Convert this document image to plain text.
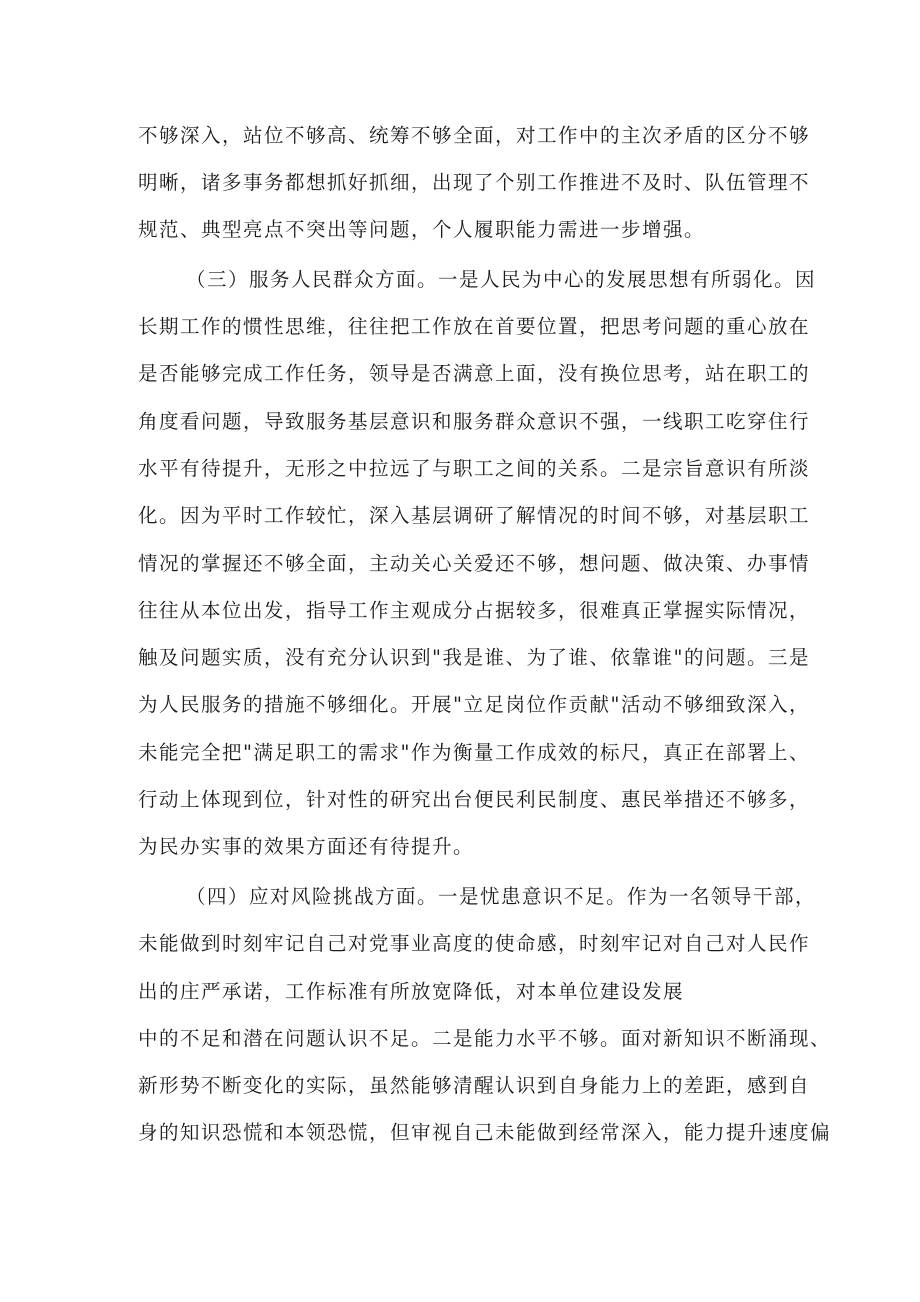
不够深入，站位不够高、统筹不够全面，对工作中的主次矛盾的区分不够

明晰，诸多事务都想抓好抓细，出现了个别工作推进不及时、队伍管理不

规范、典型亮点不突出等问题，个人履职能力需进一步增强。

（三）服务人民群众方面。一是人民为中心的发展思想有所弱化。因

长期工作的惯性思维，往往把工作放在首要位置，把思考问题的重心放在

是否能够完成工作任务，领导是否满意上面，没有换位思考，站在职工的

角度看问题，导致服务基层意识和服务群众意识不强，一线职工吃穿住行

水平有待提升，无形之中拉远了与职工之间的关系。二是宗旨意识有所淡

化。因为平时工作较忙，深入基层调研了解情况的时间不够，对基层职工

情况的掌握还不够全面，主动关心关爱还不够，想问题、做决策、办事情

往往从本位出发，指导工作主观成分占据较多，很难真正掌握实际情况，

触及问题实质，没有充分认识到"我是谁、为了谁、依靠谁"的问题。三是

为人民服务的措施不够细化。开展"立足岗位作贡献"活动不够细致深入，

未能完全把"满足职工的需求"作为衡量工作成效的标尺，真正在部署上、

行动上体现到位，针对性的研究出台便民利民制度、惠民举措还不够多，

为民办实事的效果方面还有待提升。

（四）应对风险挑战方面。一是忧患意识不足。作为一名领导干部，

未能做到时刻牢记自己对党事业高度的使命感，时刻牢记对自己对人民作

出的庄严承诺，工作标准有所放宽降低，对本单位建设发展

中的不足和潜在问题认识不足。二是能力水平不够。面对新知识不断涌现、

新形势不断变化的实际，虽然能够清醒认识到自身能力上的差距，感到自

身的知识恐慌和本领恐慌，但审视自己未能做到经常深入，能力提升速度偏
